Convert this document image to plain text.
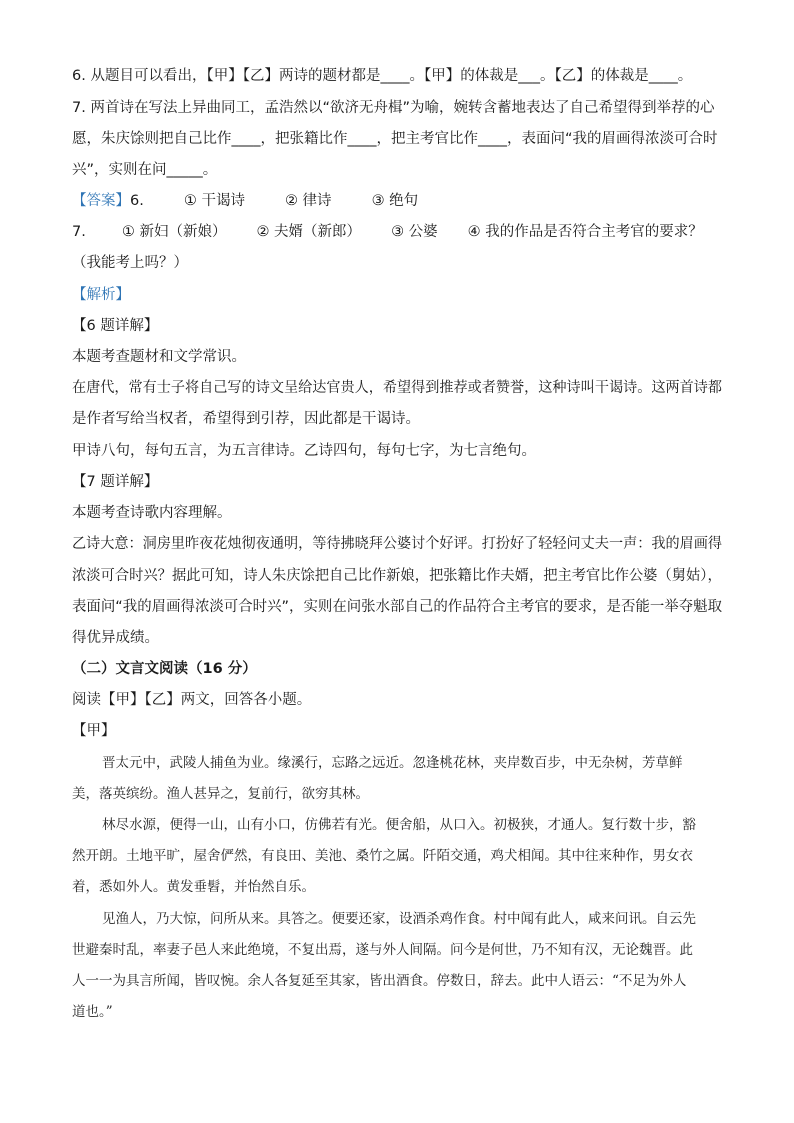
6. 从题目可以看出，【甲】【乙】两诗的题材都是____。【甲】的体裁是___。【乙】的体裁是____。
7. 两首诗在写法上异曲同工，孟浩然以“欲济无舟楫”为喻，婉转含蓄地表达了自己希望得到举荐的心
愿，朱庆馀则把自己比作____，把张籍比作____，把主考官比作____，表面问“我的眉画得浓淡可合时
兴”，实则在问_____。
【答案】6.	① 干谒诗	② 律诗	③ 绝句
7. ① 新妇（新娘） ② 夫婿（新郎） ③ 公婆 ④ 我的作品是否符合主考官的要求？
（我能考上吗？）
【解析】
【6 题详解】
本题考查题材和文学常识。
在唐代，常有士子将自己写的诗文呈给达官贵人，希望得到推荐或者赞誉，这种诗叫干谒诗。这两首诗都
是作者写给当权者，希望得到引荐，因此都是干谒诗。
甲诗八句，每句五言，为五言律诗。乙诗四句，每句七字，为七言绝句。
【7 题详解】
本题考查诗歌内容理解。
乙诗大意：洞房里昨夜花烛彻夜通明，等待拂晓拜公婆讨个好评。打扮好了轻轻问丈夫一声：我的眉画得
浓淡可合时兴？据此可知，诗人朱庆馀把自己比作新娘，把张籍比作夫婿，把主考官比作公婆（舅姑），
表面问“我的眉画得浓淡可合时兴”，实则在问张水部自己的作品符合主考官的要求，是否能一举夺魁取
得优异成绩。
（二）文言文阅读（16 分）
阅读【甲】【乙】两文，回答各小题。
【甲】
晋太元中，武陵人捕鱼为业。缘溪行，忘路之远近。忽逢桃花林，夹岸数百步，中无杂树，芳草鲜
美，落英缤纷。渔人甚异之，复前行，欲穷其林。
林尽水源，便得一山，山有小口，仿佛若有光。便舍船，从口入。初极狭，才通人。复行数十步，豁
然开朗。土地平旷，屋舍俨然，有良田、美池、桑竹之属。阡陌交通，鸡犬相闻。其中往来种作，男女衣
着，悉如外人。黄发垂髫，并怡然自乐。
见渔人，乃大惊，问所从来。具答之。便要还家，设酒杀鸡作食。村中闻有此人，咸来问讯。自云先
世避秦时乱，率妻子邑人来此绝境，不复出焉，遂与外人间隔。问今是何世，乃不知有汉，无论魏晋。此
人一一为具言所闻，皆叹惋。余人各复延至其家，皆出酒食。停数日，辞去。此中人语云：“不足为外人
道也。”
